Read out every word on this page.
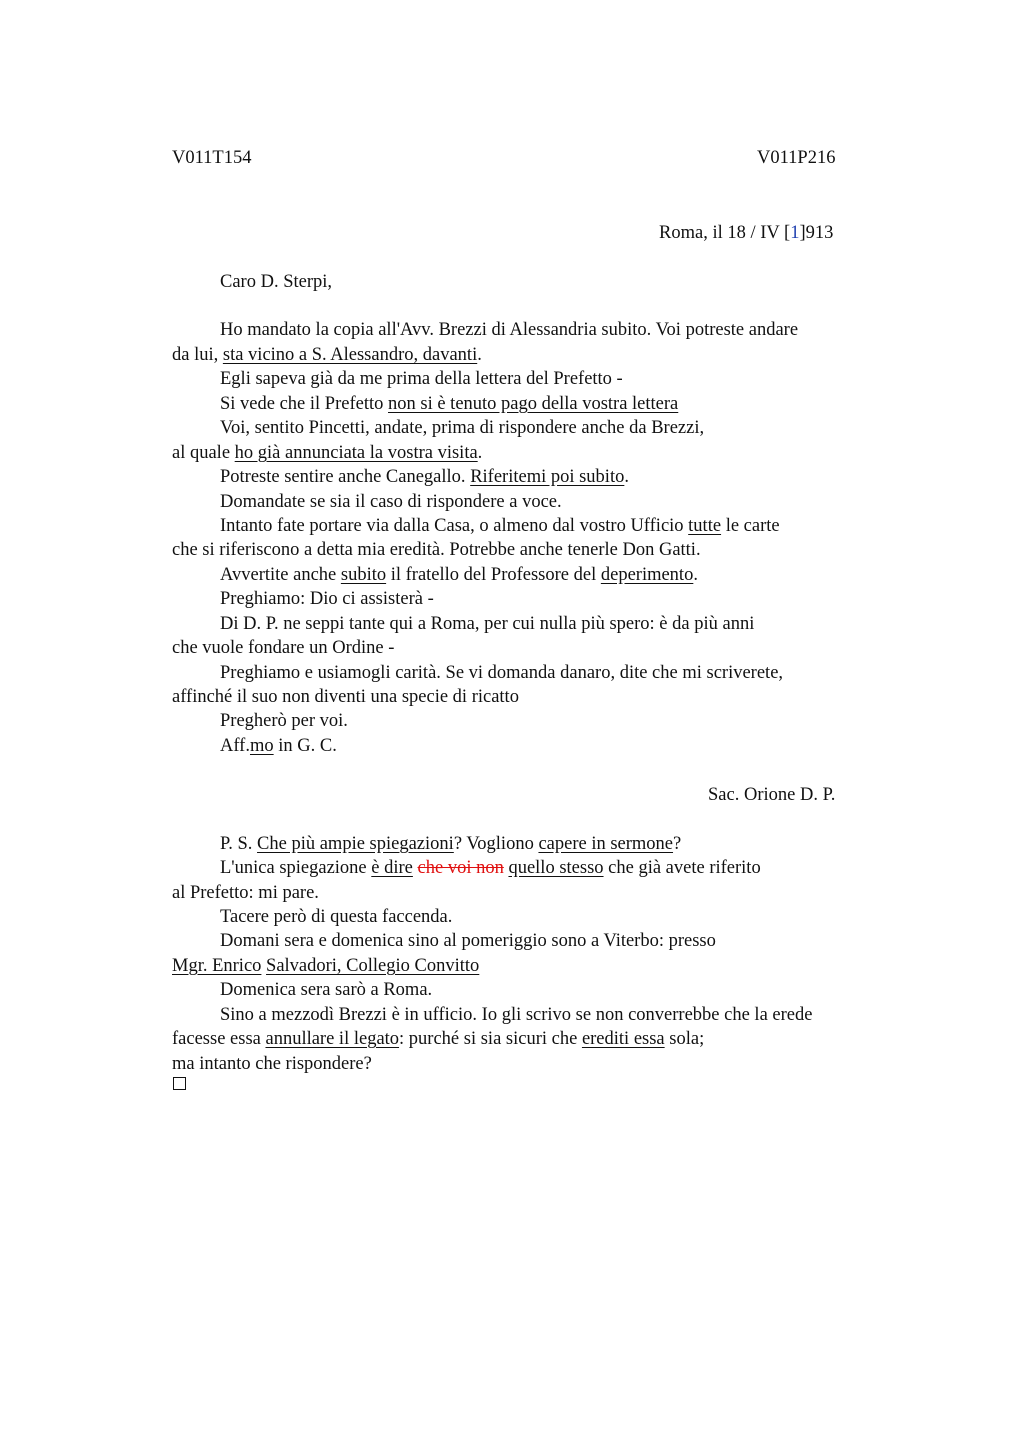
V011T154	V011P216
Roma, il 18 / IV [1]913
Caro D. Sterpi,
Ho mandato la copia all'Avv. Brezzi di Alessandria subito. Voi potreste andare
da lui, sta vicino a S. Alessandro, davanti.
Egli sapeva già da me prima della lettera del Prefetto -
Si vede che il Prefetto non si è tenuto pago della vostra lettera
Voi, sentito Pincetti, andate, prima di rispondere anche da Brezzi,
al quale ho già annunciata la vostra visita.
Potreste sentire anche Canegallo. Riferitemi poi subito.
Domandate se sia il caso di rispondere a voce.
Intanto fate portare via dalla Casa, o almeno dal vostro Ufficio tutte le carte
che si riferiscono a detta mia eredità. Potrebbe anche tenerle Don Gatti.
Avvertite anche subito il fratello del Professore del deperimento.
Preghiamo: Dio ci assisterà -
Di D. P. ne seppi tante qui a Roma, per cui nulla più spero: è da più anni
che vuole fondare un Ordine -
Preghiamo e usiamogli carità. Se vi domanda danaro, dite che mi scriverete,
affinché il suo non diventi una specie di ricatto
Pregherò per voi.
Aff.mo in G. C.
Sac. Orione D. P.
P. S. Che più ampie spiegazioni? Vogliono capere in sermone?
L'unica spiegazione è dire che voi non quello stesso che già avete riferito
al Prefetto: mi pare.
Tacere però di questa faccenda.
Domani sera e domenica sino al pomeriggio sono a Viterbo: presso
Mgr. Enrico Salvadori, Collegio Convitto
Domenica sera sarò a Roma.
Sino a mezzodì Brezzi è in ufficio. Io gli scrivo se non converrebbe che la erede
facesse essa annullare il legato: purché si sia sicuri che erediti essa sola;
ma intanto che rispondere?
